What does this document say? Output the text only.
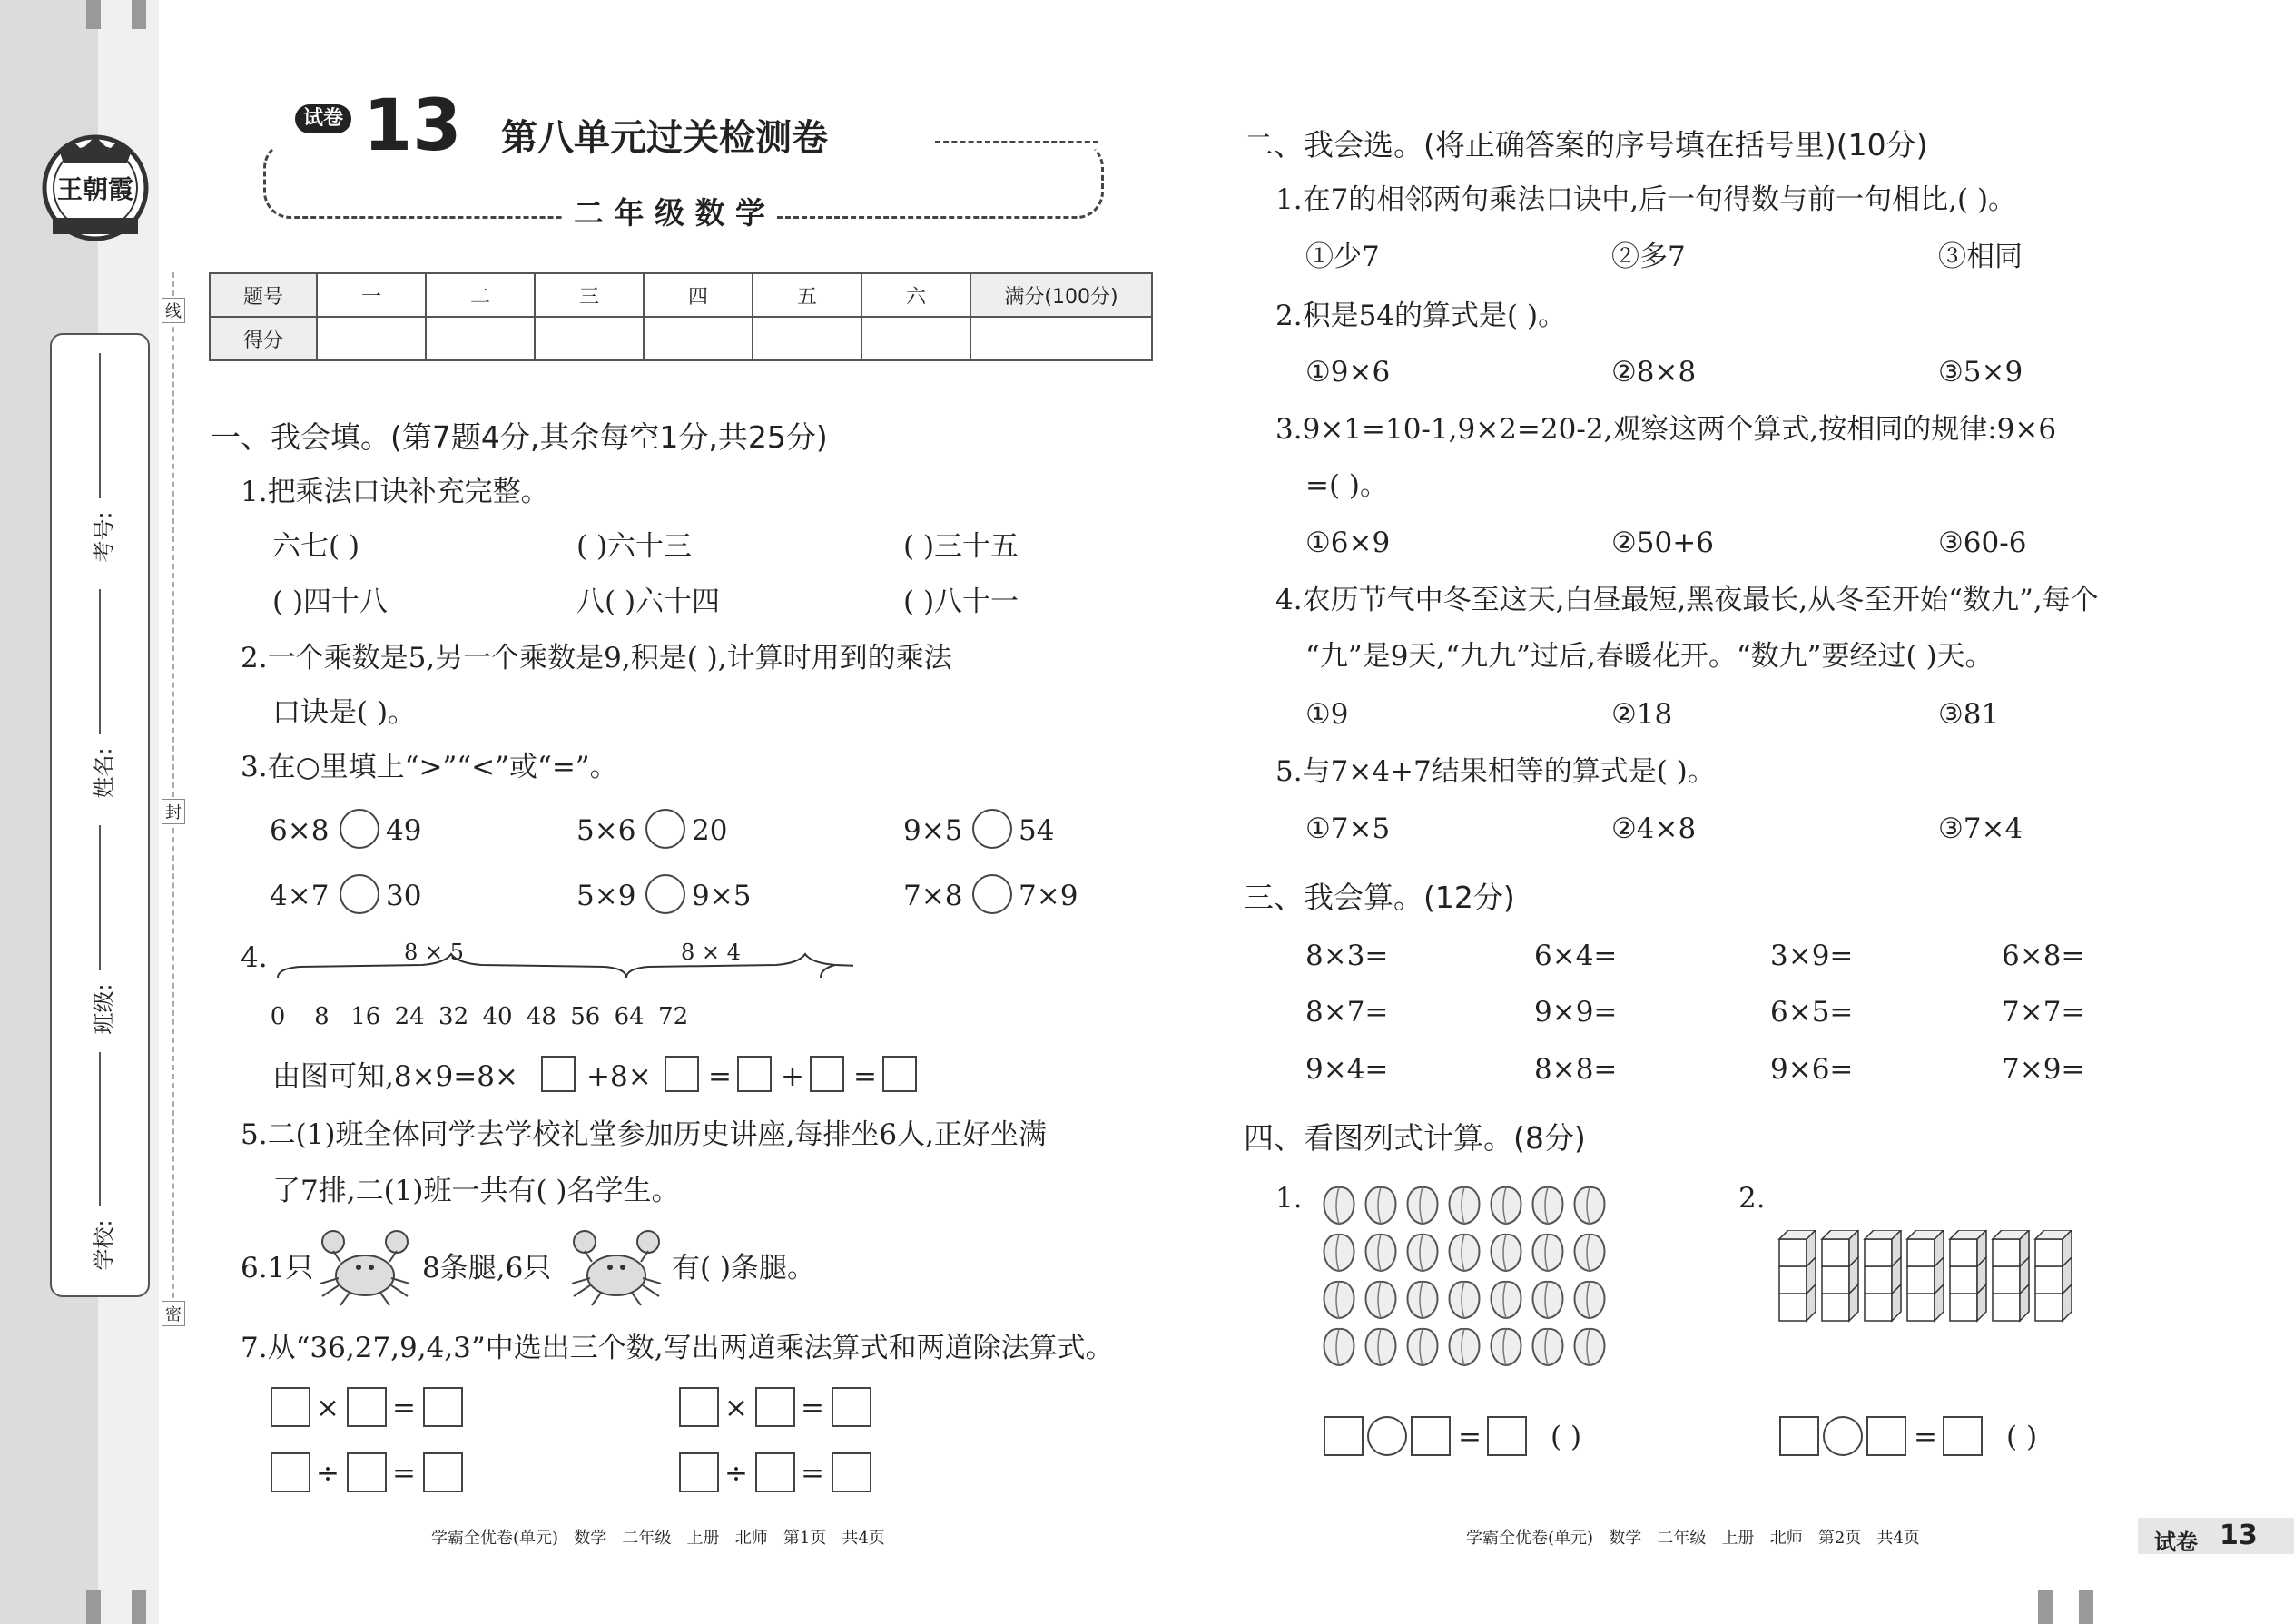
王朝霞
考号:
姓名:
班级:
学校:
线
封
密
试卷 13 第八单元过关检测卷
二 年 级 数 学
题号	一	二	三	四	五	六	满分(100分)
得分							
一、我会填。(第7题4分,其余每空1分,共25分)
1.把乘法口诀补充完整。
六七( )	( )六十三	( )三十五
( )四十八	八( )六十四	( )八十一
2.一个乘数是5,另一个乘数是9,积是( ),计算时用到的乘法
口诀是( )。
3.在○里填上“>”“<”或“=”。
6×8 49	5×6 20	9×5 54
4×7 30	5×9 9×5	7×8 7×9
4.	8 × 5	8 × 4
0	8 16 24 32 40 48 56 64 72
由图可知,8×9=8× +8× = + =
5.二(1)班全体同学去学校礼堂参加历史讲座,每排坐6人,正好坐满
了7排,二(1)班一共有( )名学生。
6.1只	8条腿,6只	有( )条腿。
7.从“36,27,9,4,3”中选出三个数,写出两道乘法算式和两道除法算式。
× =	× =
÷ =	÷ =
学霸全优卷(单元)   数学   二年级   上册   北师   第1页   共4页
二、我会选。(将正确答案的序号填在括号里)(10分)
1.在7的相邻两句乘法口诀中,后一句得数与前一句相比,( )。
①少7	②多7	③相同
2.积是54的算式是( )。
①9×6	②8×8	③5×9
3.9×1=10-1,9×2=20-2,观察这两个算式,按相同的规律:9×6
=( )。
①6×9	②50+6	③60-6
4.农历节气中冬至这天,白昼最短,黑夜最长,从冬至开始“数九”,每个
“九”是9天,“九九”过后,春暖花开。“数九”要经过( )天。
①9	②18	③81
5.与7×4+7结果相等的算式是( )。
①7×5	②4×8	③7×4
三、我会算。(12分)
8×3=	6×4=	3×9=	6×8=
8×7=	9×9=	6×5=	7×7=
9×4=	8×8=	9×6=	7×9=
四、看图列式计算。(8分)
1.	2.
= ( )	= ( )
学霸全优卷(单元)   数学   二年级   上册   北师   第2页   共4页	试卷 13
